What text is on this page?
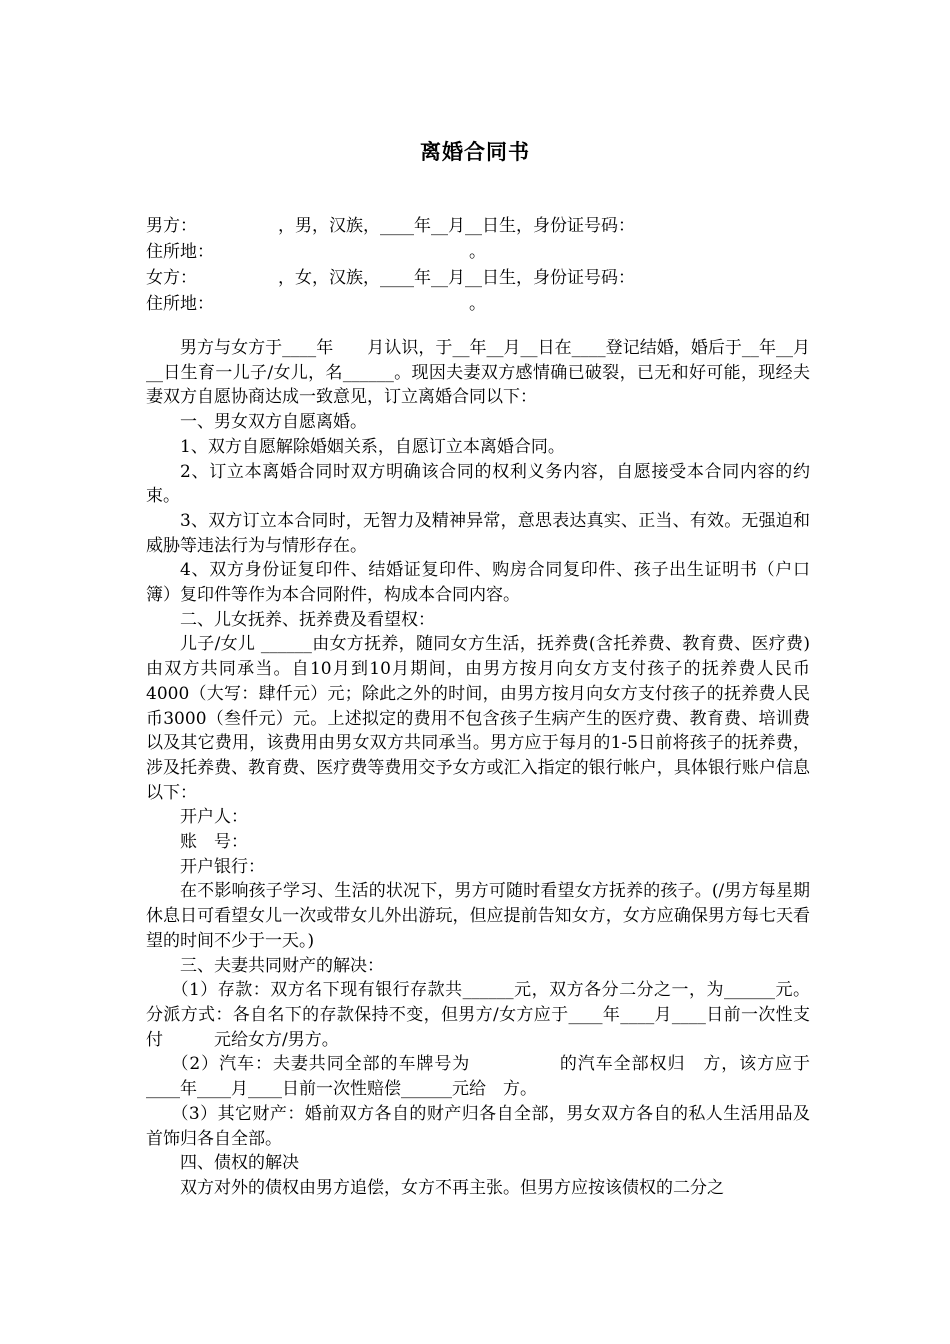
离婚合同书
男方：	，男，汉族，____年__月__日生，身份证号码：
住所地：	。
女方：	，女，汉族，____年__月__日生，身份证号码：
住所地：	。

男方与女方于____年　　月认识，于__年__月__日在____登记结婚，婚后于__年__月__日生育一儿子/女儿，名______。现因夫妻双方感情确已破裂，已无和好可能，现经夫妻双方自愿协商达成一致意见，订立离婚合同以下：

一、男女双方自愿离婚。

1、双方自愿解除婚姻关系，自愿订立本离婚合同。

2、订立本离婚合同时双方明确该合同的权利义务内容，自愿接受本合同内容的约束。

3、双方订立本合同时，无智力及精神异常，意思表达真实、正当、有效。无强迫和威胁等违法行为与情形存在。

4、双方身份证复印件、结婚证复印件、购房合同复印件、孩子出生证明书（户口簿）复印件等作为本合同附件，构成本合同内容。

二、儿女抚养、抚养费及看望权：

儿子/女儿 ______由女方抚养，随同女方生活，抚养费(含托养费、教育费、医疗费)由双方共同承当。自10月到10月期间，由男方按月向女方支付孩子的抚养费人民币4000（大写：肆仟元）元；除此之外的时间，由男方按月向女方支付孩子的抚养费人民币3000（叁仟元）元。上述拟定的费用不包含孩子生病产生的医疗费、教育费、培训费以及其它费用，该费用由男女双方共同承当。男方应于每月的1-5日前将孩子的抚养费，涉及托养费、教育费、医疗费等费用交予女方或汇入指定的银行帐户，具体银行账户信息以下：

开户人：

账　号：

开户银行：

在不影响孩子学习、生活的状况下，男方可随时看望女方抚养的孩子。(/男方每星期休息日可看望女儿一次或带女儿外出游玩，但应提前告知女方，女方应确保男方每七天看望的时间不少于一天。)

三、夫妻共同财产的解决：

（1）存款：双方名下现有银行存款共______元，双方各分二分之一，为______元。分派方式：各自名下的存款保持不变，但男方/女方应于____年____月____日前一次性支付　　　元给女方/男方。

（2）汽车：夫妻共同全部的车牌号为　　　　　的汽车全部权归　方，该方应于____年____月____日前一次性赔偿______元给　方。

（3）其它财产：婚前双方各自的财产归各自全部，男女双方各自的私人生活用品及首饰归各自全部。

四、债权的解决

双方对外的债权由男方追偿，女方不再主张。但男方应按该债权的二分之
